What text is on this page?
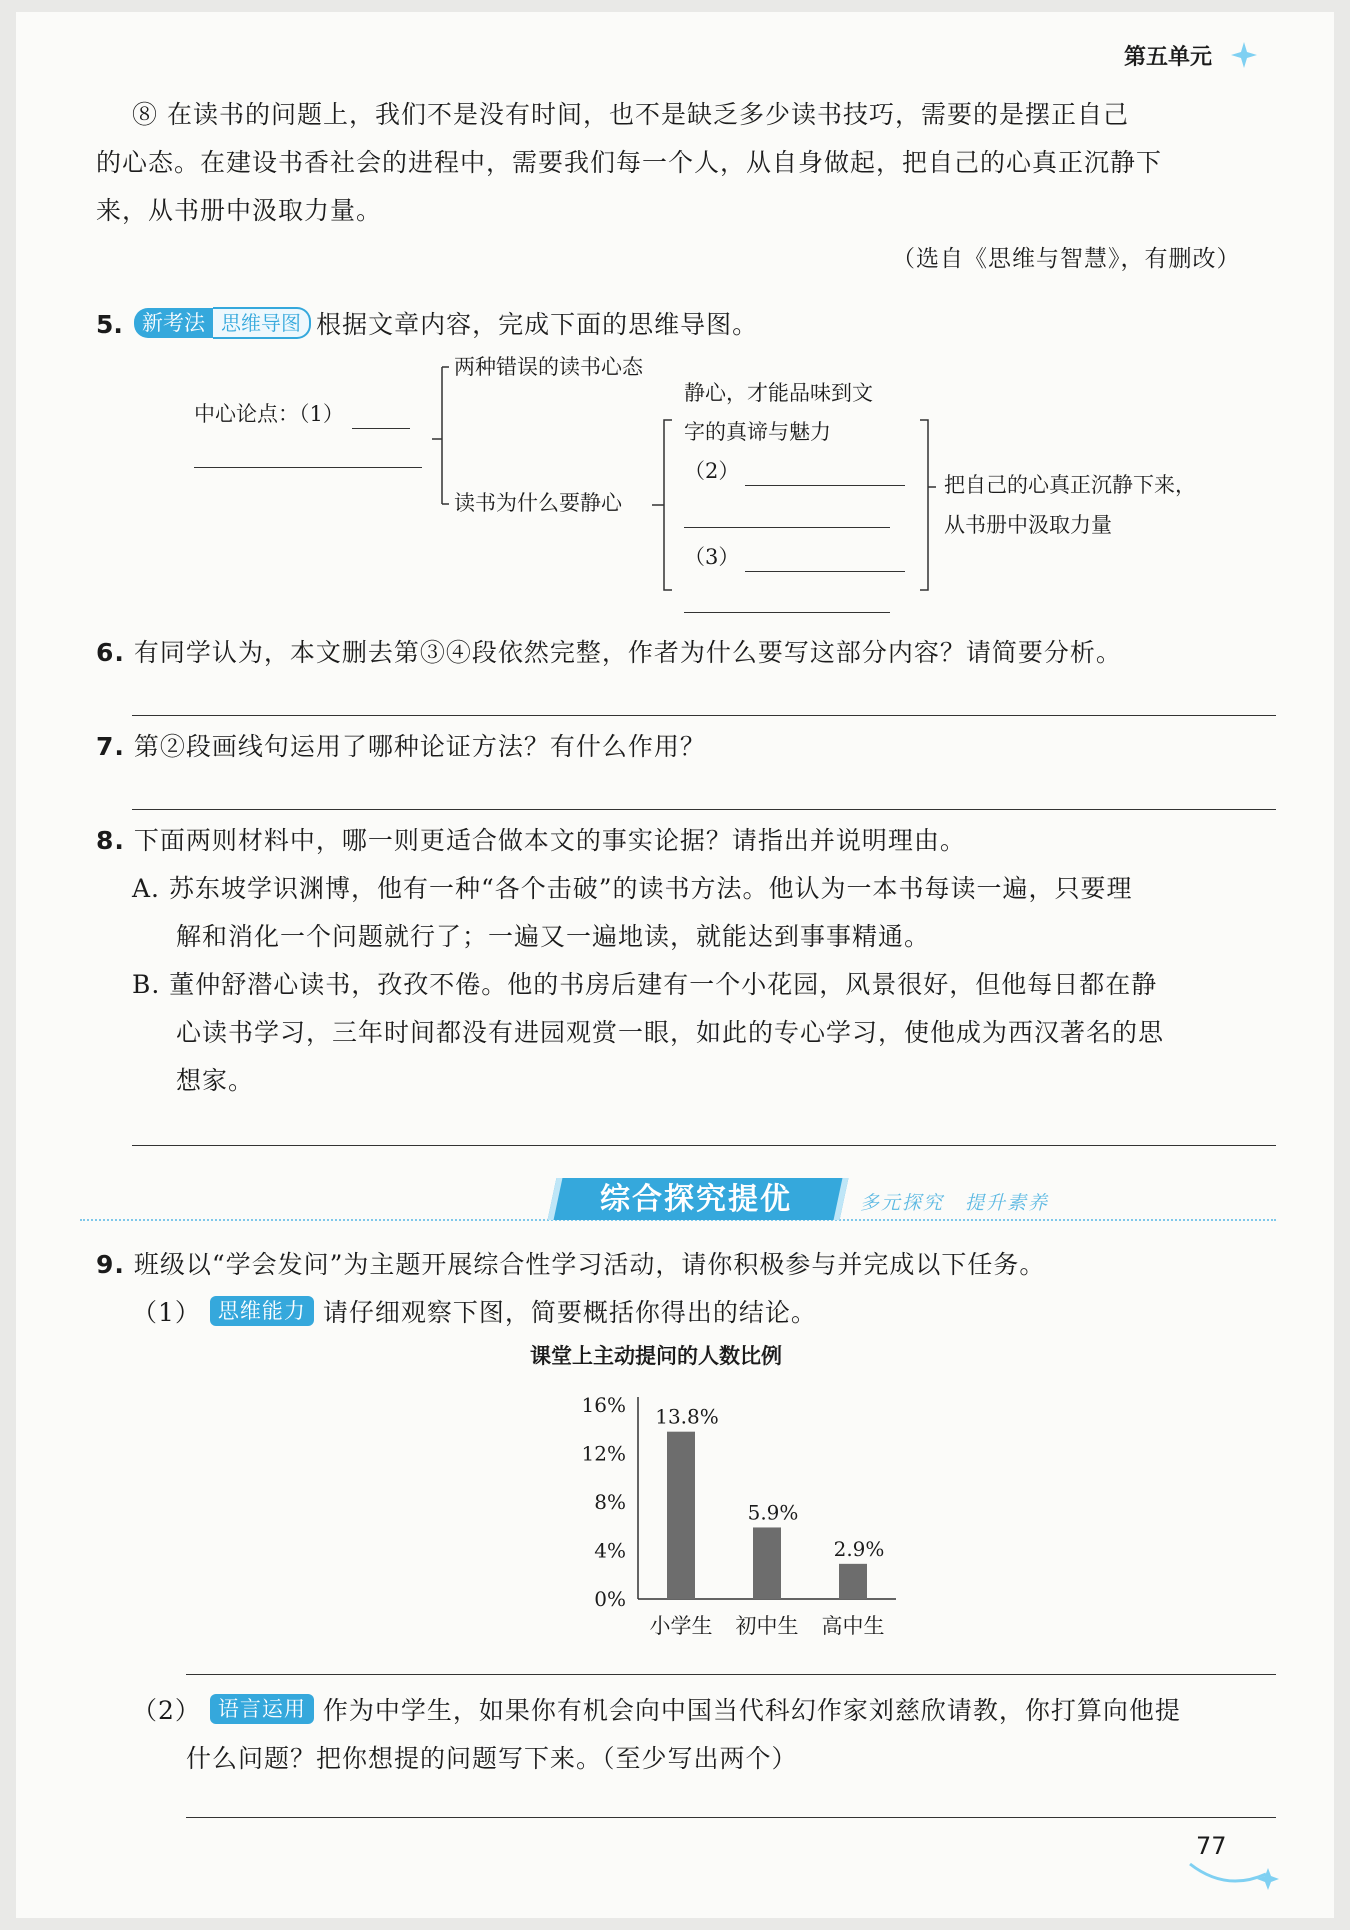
第五单元
⑧ 在读书的问题上，我们不是没有时间，也不是缺乏多少读书技巧，需要的是摆正自己
的心态。在建设书香社会的进程中，需要我们每一个人，从自身做起，把自己的心真正沉静下
来，从书册中汲取力量。
（选自《思维与智慧》，有删改）
5. 新考法 思维导图 根据文章内容，完成下面的思维导图。
中心论点：（1）
两种错误的读书心态
读书为什么要静心
静心，才能品味到文
字的真谛与魅力
（2）
（3）
把自己的心真正沉静下来，
从书册中汲取力量
6. 有同学认为，本文删去第③④段依然完整，作者为什么要写这部分内容？请简要分析。
7. 第②段画线句运用了哪种论证方法？有什么作用？
8. 下面两则材料中，哪一则更适合做本文的事实论据？请指出并说明理由。
A. 苏东坡学识渊博，他有一种“各个击破”的读书方法。他认为一本书每读一遍，只要理
解和消化一个问题就行了；一遍又一遍地读，就能达到事事精通。
B. 董仲舒潜心读书，孜孜不倦。他的书房后建有一个小花园，风景很好，但他每日都在静
心读书学习，三年时间都没有进园观赏一眼，如此的专心学习，使他成为西汉著名的思
想家。
综合探究提优	多元探究　提升素养
9. 班级以“学会发问”为主题开展综合性学习活动，请你积极参与并完成以下任务。
（1） 思维能力 请仔细观察下图，简要概括你得出的结论。
课堂上主动提问的人数比例
0%
4%
8%
12%
16% 13.8%
小学生
5.9%
初中生
2.9%
高中生
（2） 语言运用 作为中学生，如果你有机会向中国当代科幻作家刘慈欣请教，你打算向他提
什么问题？把你想提的问题写下来。（至少写出两个）
77
